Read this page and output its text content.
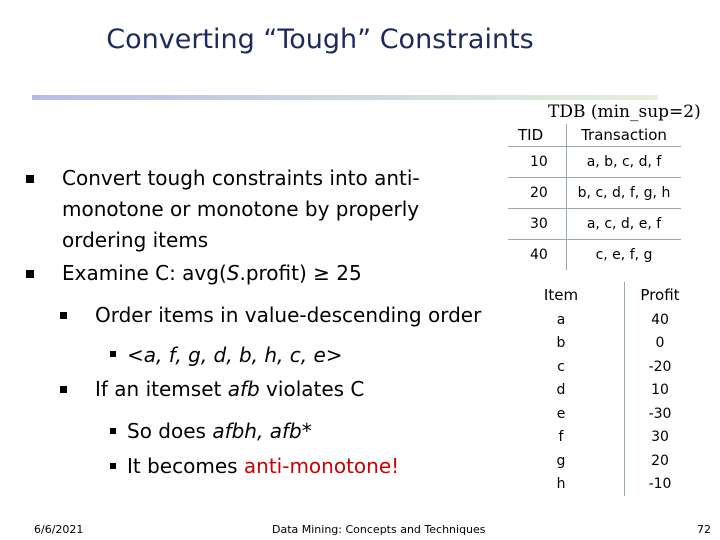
Converting “Tough” Constraints
Convert tough constraints into anti-
monotone or monotone by properly
ordering items
Examine C: avg(S.profit) ≥ 25
Order items in value-descending order
<a, f, g, d, b, h, c, e>
If an itemset afb violates C
So does afbh, afb*
It becomes anti-monotone!
TDB (min_sup=2)
TID	Transaction
10	a, b, c, d, f
20	b, c, d, f, g, h
30	a, c, d, e, f
40	c, e, f, g
Item	Profit
a	40
b	0
c	-20
d	10
e	-30
f	30
g	20
h	-10
6/6/2021	Data Mining: Concepts and Techniques	72
